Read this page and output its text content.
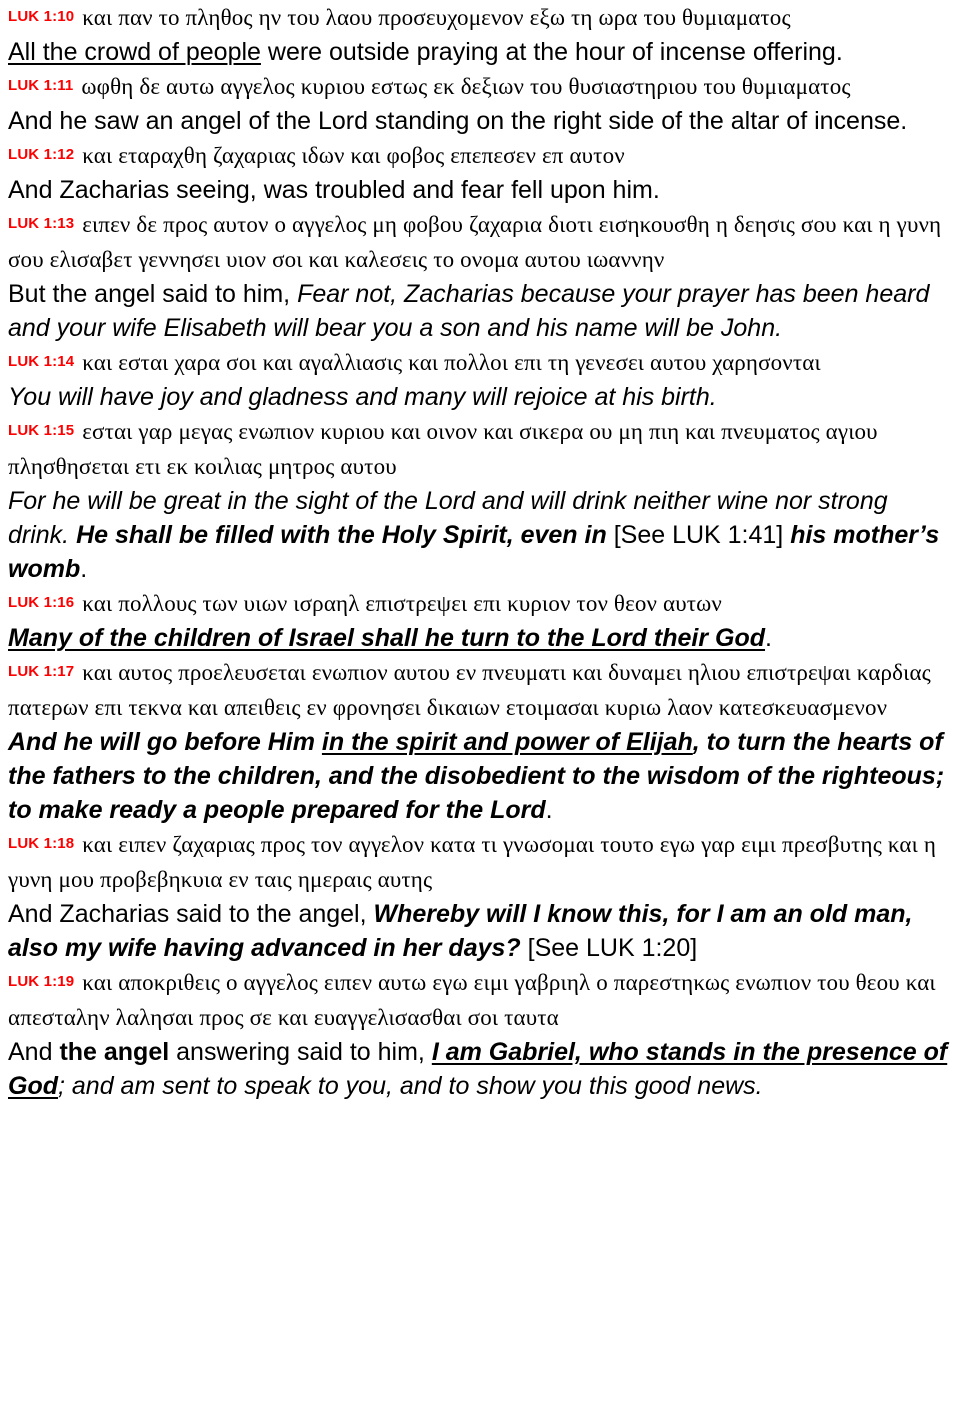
$^{LUK 1:10}$ και παν το πληθος ην του λαου προσευχομενον εξω τη ωρα του θυμιαματος

All the crowd of people were outside praying at the hour of incense offering.

$^{LUK 1:11}$ ωφθη δε αυτω αγγελος κυριου εστως εκ δεξιων του θυσιαστηριου του θυμιαματος

And he saw an angel of the Lord standing on the right side of the altar of incense.

$^{LUK 1:12}$ και εταραχθη ζαχαριας ιδων και φοβος επεπεσεν επ αυτον

And Zacharias seeing, was troubled and fear fell upon him.

$^{LUK 1:13}$ ειπεν δε προς αυτον ο αγγελος μη φοβου ζαχαρια διοτι εισηκουσθη η δεησις σου και η γυνη σου ελισαβετ γεννησει υιον σοι και καλεσεις το ονομα αυτου ιωαννην

But the angel said to him, Fear not, Zacharias because your prayer has been heard and your wife Elisabeth will bear you a son and his name will be John.

$^{LUK 1:14}$ και εσται χαρα σοι και αγαλλιασις και πολλοι επι τη γενεσει αυτου χαρησονται

You will have joy and gladness and many will rejoice at his birth.

$^{LUK 1:15}$ εσται γαρ μεγας ενωπιον κυριου και οινον και σικερα ου μη πιη και πνευματος αγιου πλησθησεται ετι εκ κοιλιας μητρος αυτου

For he will be great in the sight of the Lord and will drink neither wine nor strong drink. He shall be filled with the Holy Spirit, even in [See LUK 1:41] his mother’s womb.

$^{LUK 1:16}$ και πολλους των υιων ισραηλ επιστρεψει επι κυριον τον θεον αυτων

Many of the children of Israel shall he turn to the Lord their God.

$^{LUK 1:17}$ και αυτος προελευσεται ενωπιον αυτου εν πνευματι και δυναμει ηλιου επιστρεψαι καρδιας πατερων επι τεκνα και απειθεις εν φρονησει δικαιων ετοιμασαι κυριω λαον κατεσκευασμενον

And he will go before Him in the spirit and power of Elijah, to turn the hearts of the fathers to the children, and the disobedient to the wisdom of the righteous; to make ready a people prepared for the Lord.

$^{LUK 1:18}$ και ειπεν ζαχαριας προς τον αγγελον κατα τι γνωσομαι τουτο εγω γαρ ειμι πρεσβυτης και η γυνη μου προβεβηκυια εν ταις ημεραις αυτης

And Zacharias said to the angel, Whereby will I know this, for I am an old man, also my wife having advanced in her days? [See LUK 1:20]

$^{LUK 1:19}$ και αποκριθεις ο αγγελος ειπεν αυτω εγω ειμι γαβριηλ ο παρεστηκως ενωπιον του θεου και απεσταλην λαλησαι προς σε και ευαγγελισασθαι σοι ταυτα

And the angel answering said to him, I am Gabriel, who stands in the presence of God; and am sent to speak to you, and to show you this good news.
